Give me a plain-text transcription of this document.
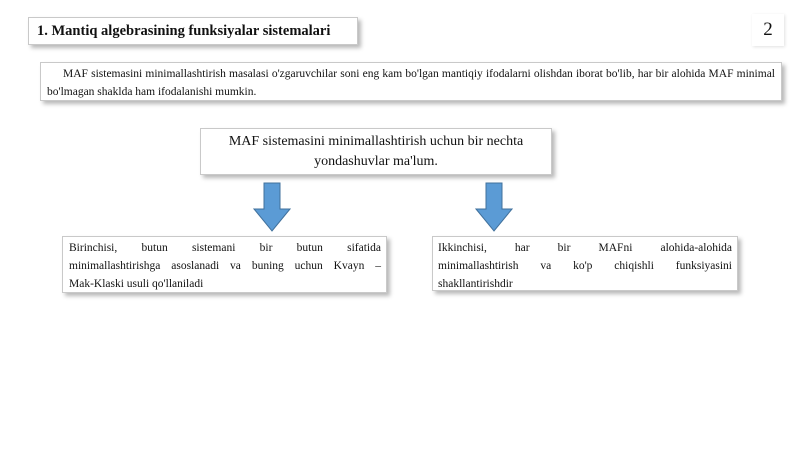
1. Mantiq algebrasining funksiyalar sistemalari	2
MAF sistemasini minimallashtirish masalasi o'zgaruvchilar soni eng kam bo'lgan mantiqiy ifodalarni olishdan iborat bo'lib, har bir alohida MAF minimal bo'lmagan shaklda ham ifodalanishi mumkin.
MAF sistemasini minimallashtirish uchun bir nechta
yondashuvlar ma'lum.
Birinchisi, butun sistemani bir butun sifatida
minimallashtirishga asoslanadi va buning uchun Kvayn –
Mak-Klaski usuli qo'llaniladi
Ikkinchisi, har bir MAFni alohida-alohida
minimallashtirish va ko'p chiqishli funksiyasini
shakllantirishdir
